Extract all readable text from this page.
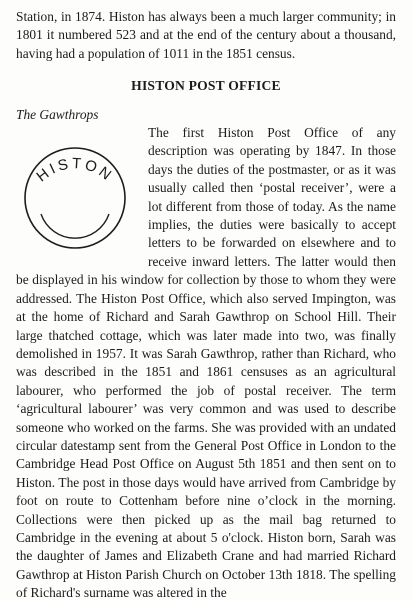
Station, in 1874. Histon has always been a much larger community; in 1801 it numbered 523 and at the end of the century about a thousand, having had a population of 1011 in the 1851 census.

HISTON POST OFFICE
The Gawthrops
HISTON

The first Histon Post Office of any description was operating by 1847. In those days the duties of the postmaster, or as it was usually called then ‘postal receiver’, were a lot different from those of today. As the name implies, the duties were basically to accept letters to be forwarded on elsewhere and to receive inward letters. The latter would then be displayed in his window for collection by those to whom they were addressed. The Histon Post Office, which also served Impington, was at the home of Richard and Sarah Gawthrop on School Hill. Their large thatched cottage, which was later made into two, was finally demolished in 1957. It was Sarah Gawthrop, rather than Richard, who was described in the 1851 and 1861 censuses as an agricultural labourer, who performed the job of postal receiver. The term ‘agricultural labourer’ was very common and was used to describe someone who worked on the farms. She was provided with an undated circular datestamp sent from the General Post Office in London to the Cambridge Head Post Office on August 5th 1851 and then sent on to Histon. The post in those days would have arrived from Cambridge by foot on route to Cottenham before nine o’clock in the morning. Collections were then picked up as the mail bag returned to Cambridge in the evening at about 5 o'clock. Histon born, Sarah was the daughter of James and Elizabeth Crane and had married Richard Gawthrop at Histon Parish Church on October 13th 1818. The spelling of Richard's surname was altered in the
